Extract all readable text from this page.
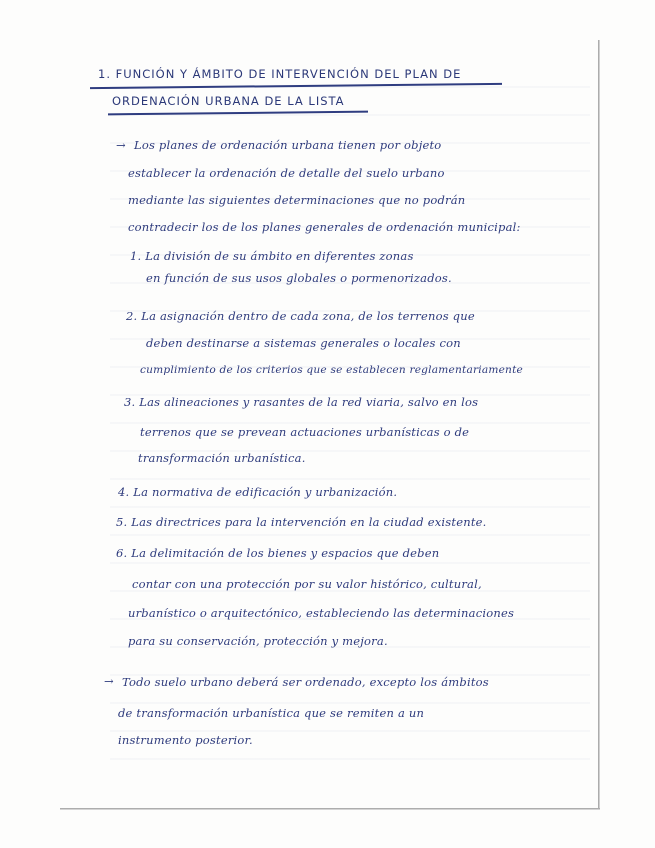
1. FUNCIÓN Y ÁMBITO DE INTERVENCIÓN DEL PLAN DE
ORDENACIÓN URBANA DE LA LISTA
→ Los planes de ordenación urbana tienen por objeto
establecer la ordenación de detalle del suelo urbano
mediante las siguientes determinaciones que no podrán
contradecir los de los planes generales de ordenación municipal:
1. La división de su ámbito en diferentes zonas
en función de sus usos globales o pormenorizados.
2. La asignación dentro de cada zona, de los terrenos que
deben destinarse a sistemas generales o locales con
cumplimiento de los criterios que se establecen reglamentariamente
3. Las alineaciones y rasantes de la red viaria, salvo en los
terrenos que se prevean actuaciones urbanísticas o de
transformación urbanística.
4. La normativa de edificación y urbanización.
5. Las directrices para la intervención en la ciudad existente.
6. La delimitación de los bienes y espacios que deben
contar con una protección por su valor histórico, cultural,
urbanístico o arquitectónico, estableciendo las determinaciones
para su conservación, protección y mejora.
→ Todo suelo urbano deberá ser ordenado, excepto los ámbitos
de transformación urbanística que se remiten a un
instrumento posterior.
